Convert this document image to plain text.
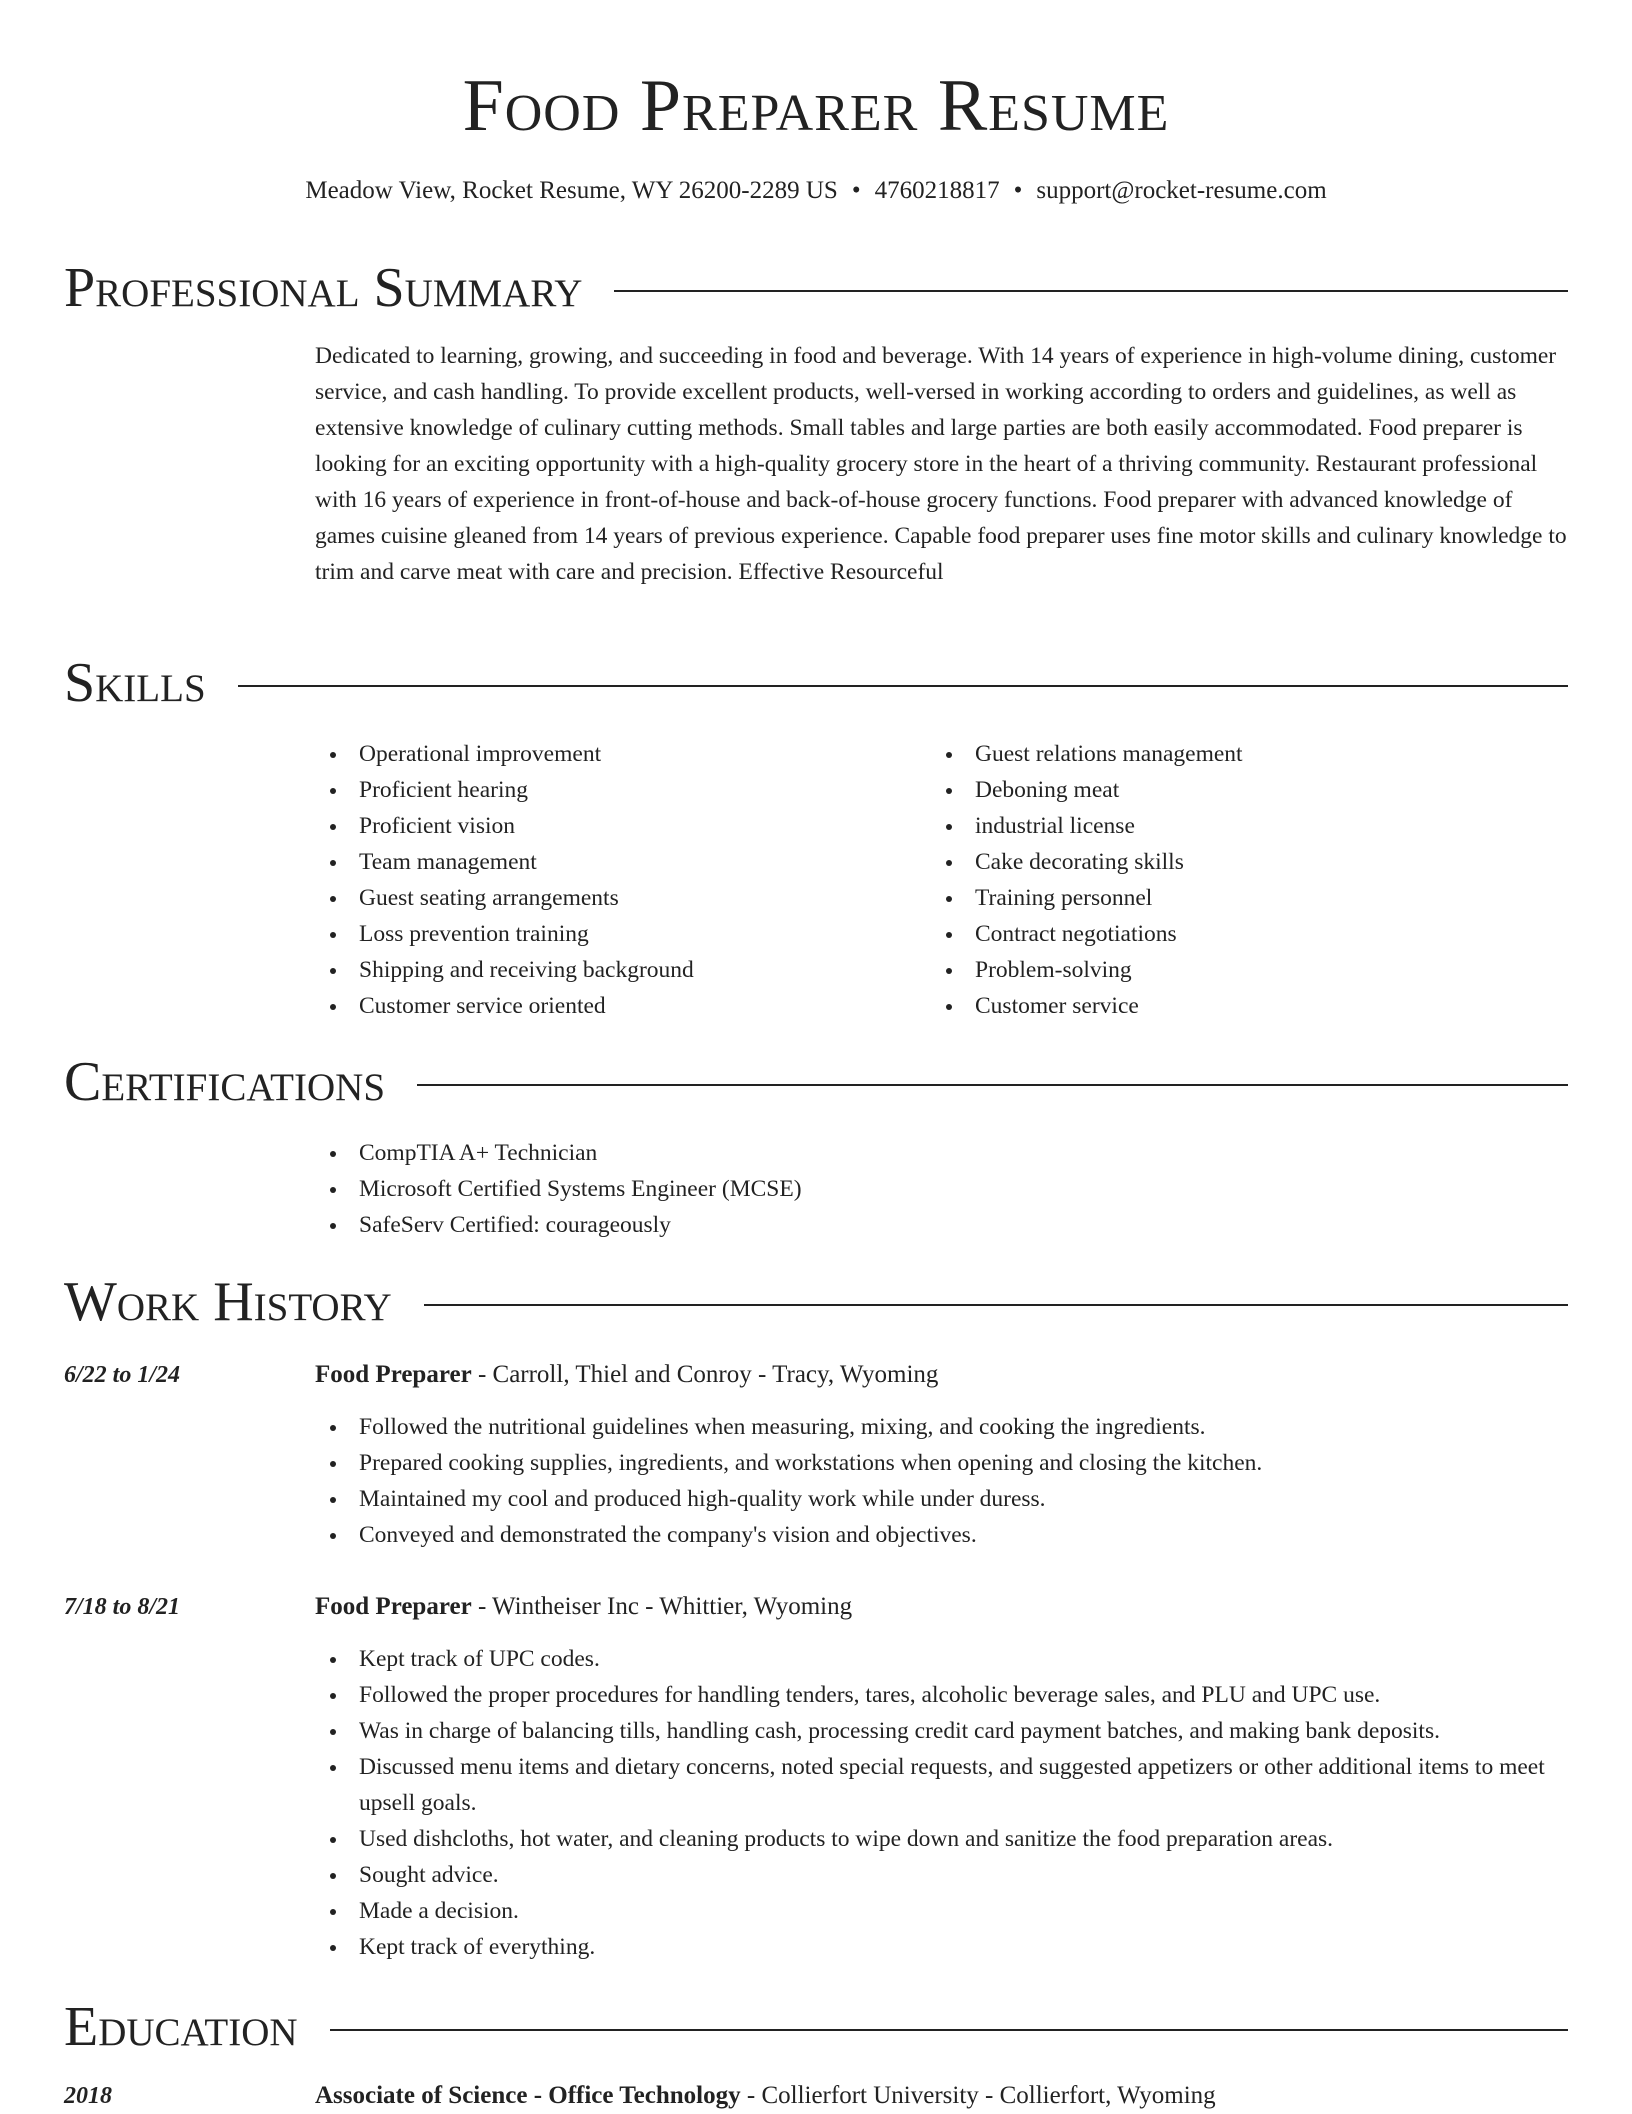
Food Preparer Resume
Meadow View, Rocket Resume, WY 26200-2289 US • 4760218817 • support@rocket-resume.com
Professional Summary
Dedicated to learning, growing, and succeeding in food and beverage. With 14 years of experience in high-volume dining, customer service, and cash handling. To provide excellent products, well-versed in working according to orders and guidelines, as well as extensive knowledge of culinary cutting methods. Small tables and large parties are both easily accommodated. Food preparer is looking for an exciting opportunity with a high-quality grocery store in the heart of a thriving community. Restaurant professional with 16 years of experience in front-of-house and back-of-house grocery functions. Food preparer with advanced knowledge of games cuisine gleaned from 14 years of previous experience. Capable food preparer uses fine motor skills and culinary knowledge to trim and carve meat with care and precision. Effective Resourceful
Skills
Operational improvement
Proficient hearing
Proficient vision
Team management
Guest seating arrangements
Loss prevention training
Shipping and receiving background
Customer service oriented
Guest relations management
Deboning meat
industrial license
Cake decorating skills
Training personnel
Contract negotiations
Problem-solving
Customer service
Certifications
CompTIA A+ Technician
Microsoft Certified Systems Engineer (MCSE)
SafeServ Certified: courageously
Work History
6/22 to 1/24	Food Preparer - Carroll, Thiel and Conroy - Tracy, Wyoming
Followed the nutritional guidelines when measuring, mixing, and cooking the ingredients.
Prepared cooking supplies, ingredients, and workstations when opening and closing the kitchen.
Maintained my cool and produced high-quality work while under duress.
Conveyed and demonstrated the company's vision and objectives.
7/18 to 8/21	Food Preparer - Wintheiser Inc - Whittier, Wyoming
Kept track of UPC codes.
Followed the proper procedures for handling tenders, tares, alcoholic beverage sales, and PLU and UPC use.
Was in charge of balancing tills, handling cash, processing credit card payment batches, and making bank deposits.
Discussed menu items and dietary concerns, noted special requests, and suggested appetizers or other additional items to meet upsell goals.
Used dishcloths, hot water, and cleaning products to wipe down and sanitize the food preparation areas.
Sought advice.
Made a decision.
Kept track of everything.
Education
2018	Associate of Science - Office Technology - Collierfort University - Collierfort, Wyoming
